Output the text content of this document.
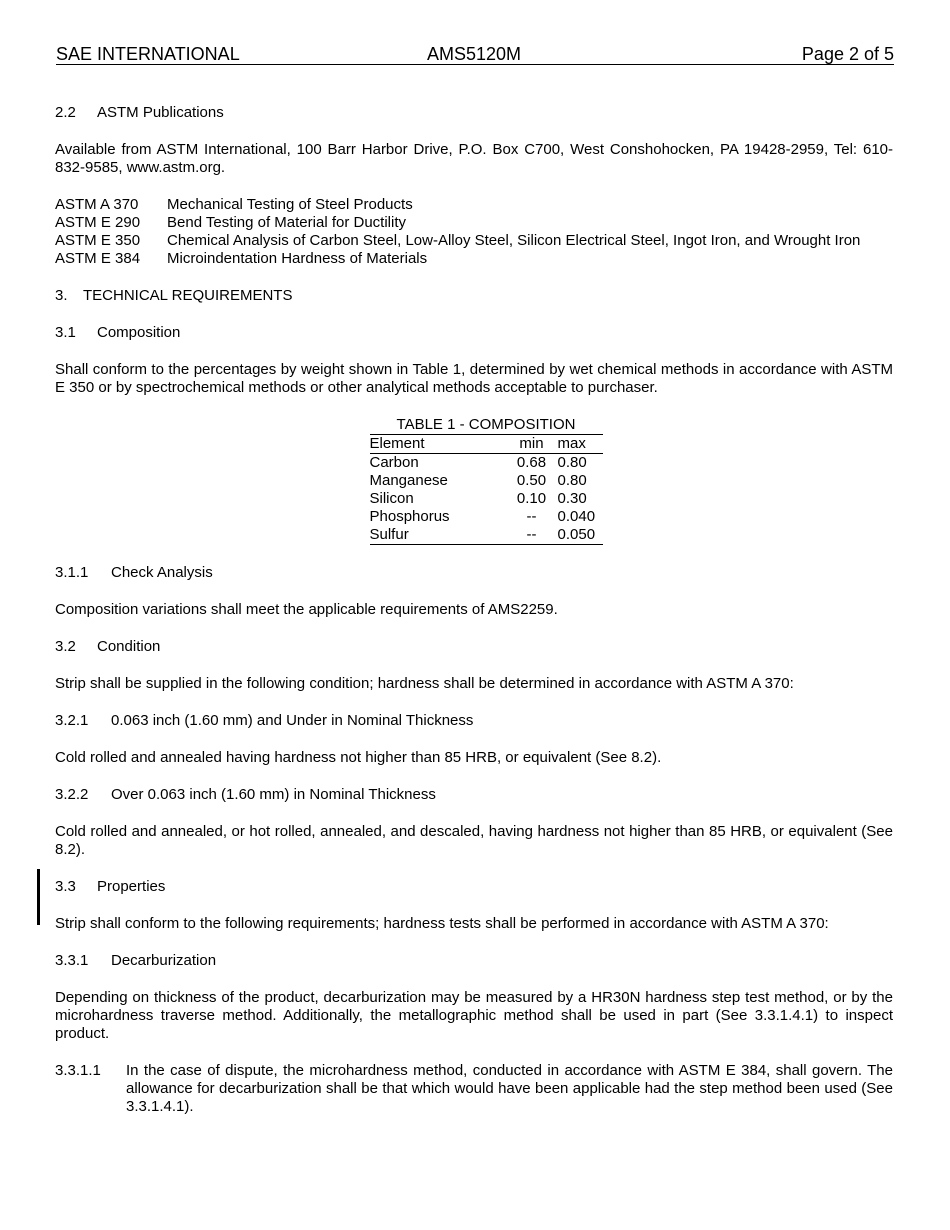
SAE INTERNATIONAL	AMS5120M	Page 2 of 5
2.2 ASTM Publications

Available from ASTM International, 100 Barr Harbor Drive, P.O. Box C700, West Conshohocken, PA 19428-2959, Tel: 610-832-9585, www.astm.org.

ASTM A 370	Mechanical Testing of Steel Products
ASTM E 290	Bend Testing of Material for Ductility
ASTM E 350	Chemical Analysis of Carbon Steel, Low-Alloy Steel, Silicon Electrical Steel, Ingot Iron, and Wrought Iron
ASTM E 384	Microindentation Hardness of Materials
3. TECHNICAL REQUIREMENTS
3.1 Composition

Shall conform to the percentages by weight shown in Table 1, determined by wet chemical methods in accordance with ASTM E 350 or by spectrochemical methods or other analytical methods acceptable to purchaser.

TABLE 1 - COMPOSITION
Element	min	max
Carbon	0.68	0.80
Manganese	0.50	0.80
Silicon	0.10	0.30
Phosphorus	--	0.040
Sulfur	--	0.050
3.1.1 Check Analysis

Composition variations shall meet the applicable requirements of AMS2259.

3.2 Condition

Strip shall be supplied in the following condition; hardness shall be determined in accordance with ASTM A 370:

3.2.1 0.063 inch (1.60 mm) and Under in Nominal Thickness

Cold rolled and annealed having hardness not higher than 85 HRB, or equivalent (See 8.2).

3.2.2 Over 0.063 inch (1.60 mm) in Nominal Thickness

Cold rolled and annealed, or hot rolled, annealed, and descaled, having hardness not higher than 85 HRB, or equivalent (See 8.2).

3.3 Properties

Strip shall conform to the following requirements; hardness tests shall be performed in accordance with ASTM A 370:

3.3.1 Decarburization

Depending on thickness of the product, decarburization may be measured by a HR30N hardness step test method, or by the microhardness traverse method. Additionally, the metallographic method shall be used in part (See 3.3.1.4.1) to inspect product.

3.3.1.1	In the case of dispute, the microhardness method, conducted in accordance with ASTM E 384, shall govern. The allowance for decarburization shall be that which would have been applicable had the step method been used (See 3.3.1.4.1).
